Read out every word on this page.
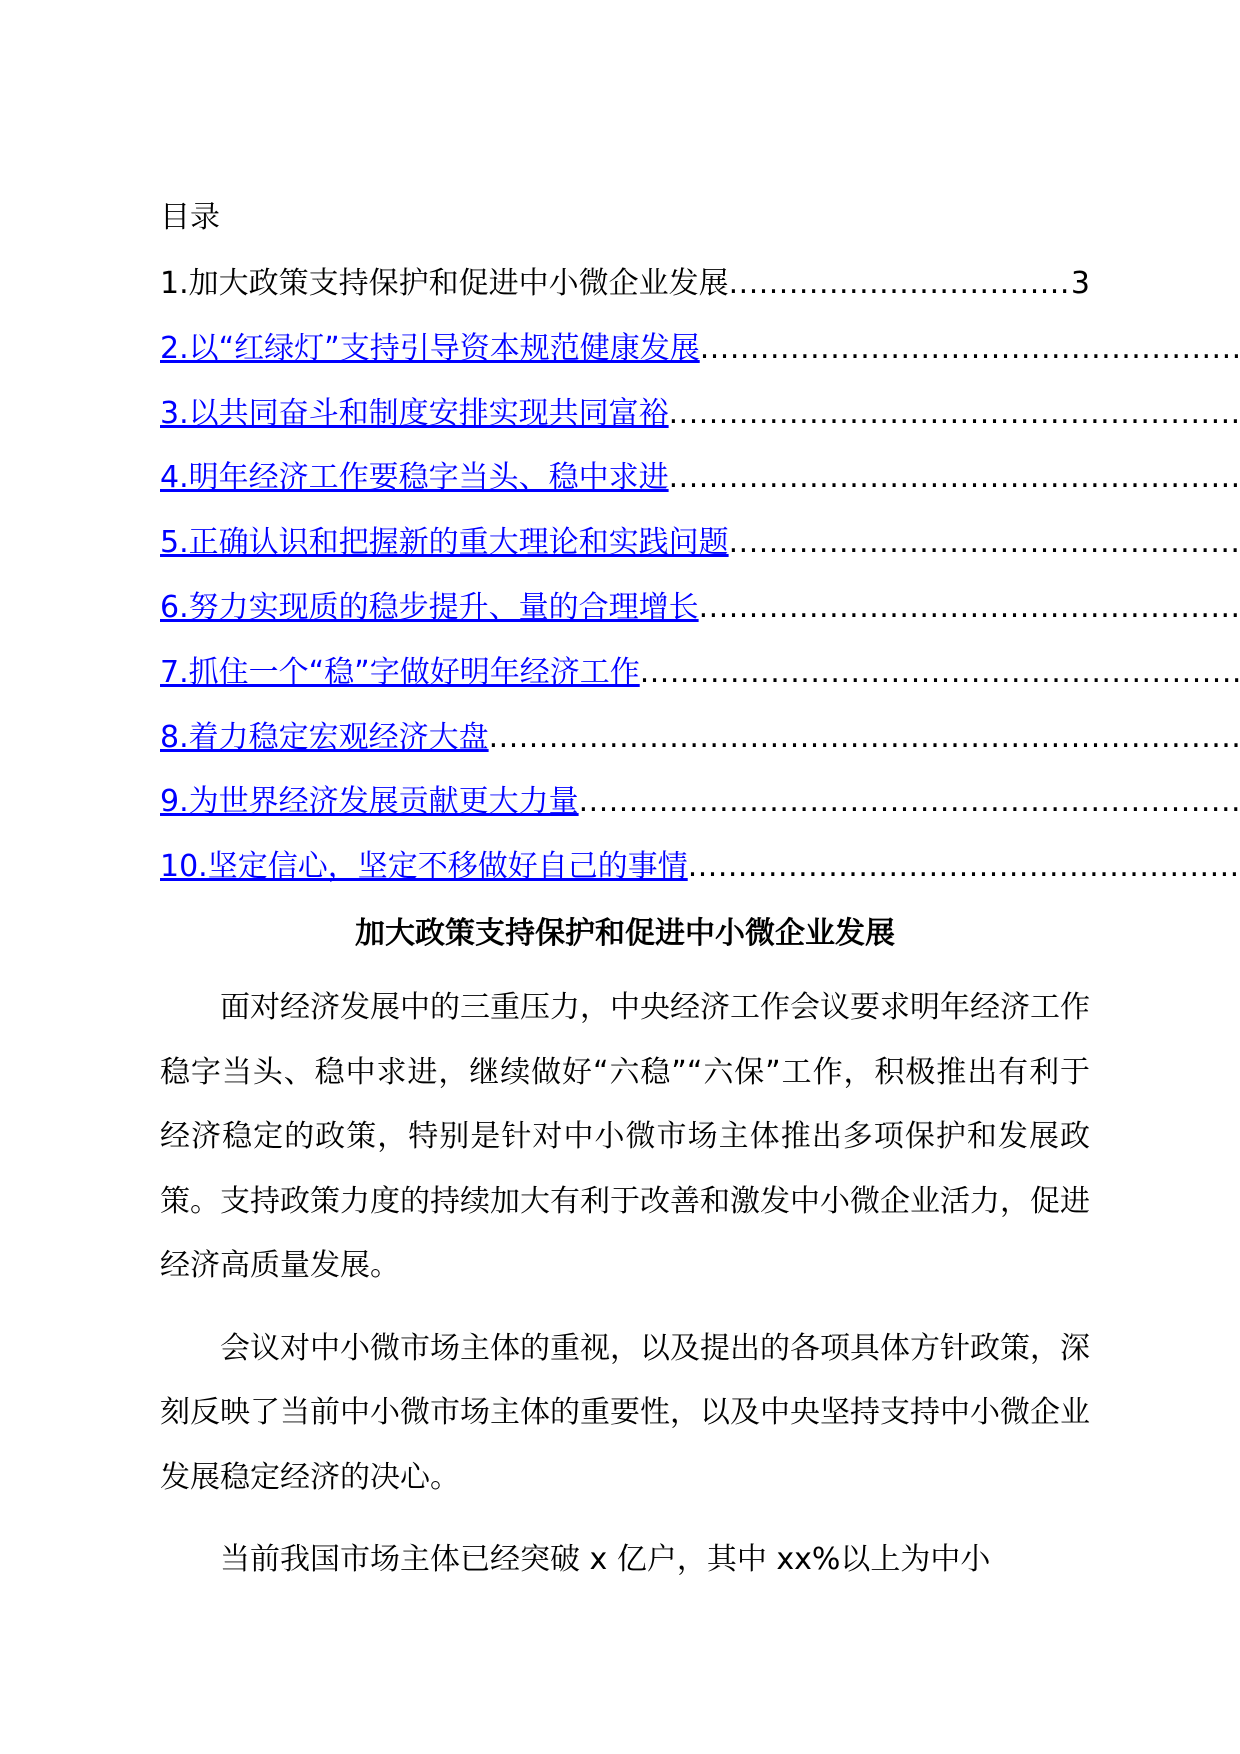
目录
1.加大政策支持保护和促进中小微企业发展
.....	3
2.以“红绿灯”支持引导资本规范健康发展
.....
3.以共同奋斗和制度安排实现共同富裕
.....
4.明年经济工作要稳字当头、稳中求进
.....
5.正确认识和把握新的重大理论和实践问题
.....
6.努力实现质的稳步提升、量的合理增长
.....
7.抓住一个“稳”字做好明年经济工作
.....
8.着力稳定宏观经济大盘
.....
9.为世界经济发展贡献更大力量
.....
10.坚定信心，坚定不移做好自己的事情
.....
加大政策支持保护和促进中小微企业发展

面对经济发展中的三重压力，中央经济工作会议要求明年经济工作稳字当头、稳中求进，继续做好“六稳”“六保”工作，积极推出有利于经济稳定的政策，特别是针对中小微市场主体推出多项保护和发展政策。支持政策力度的持续加大有利于改善和激发中小微企业活力，促进经济高质量发展。

会议对中小微市场主体的重视，以及提出的各项具体方针政策，深刻反映了当前中小微市场主体的重要性，以及中央坚持支持中小微企业发展稳定经济的决心。

当前我国市场主体已经突破 x 亿户，其中 xx%以上为中小
